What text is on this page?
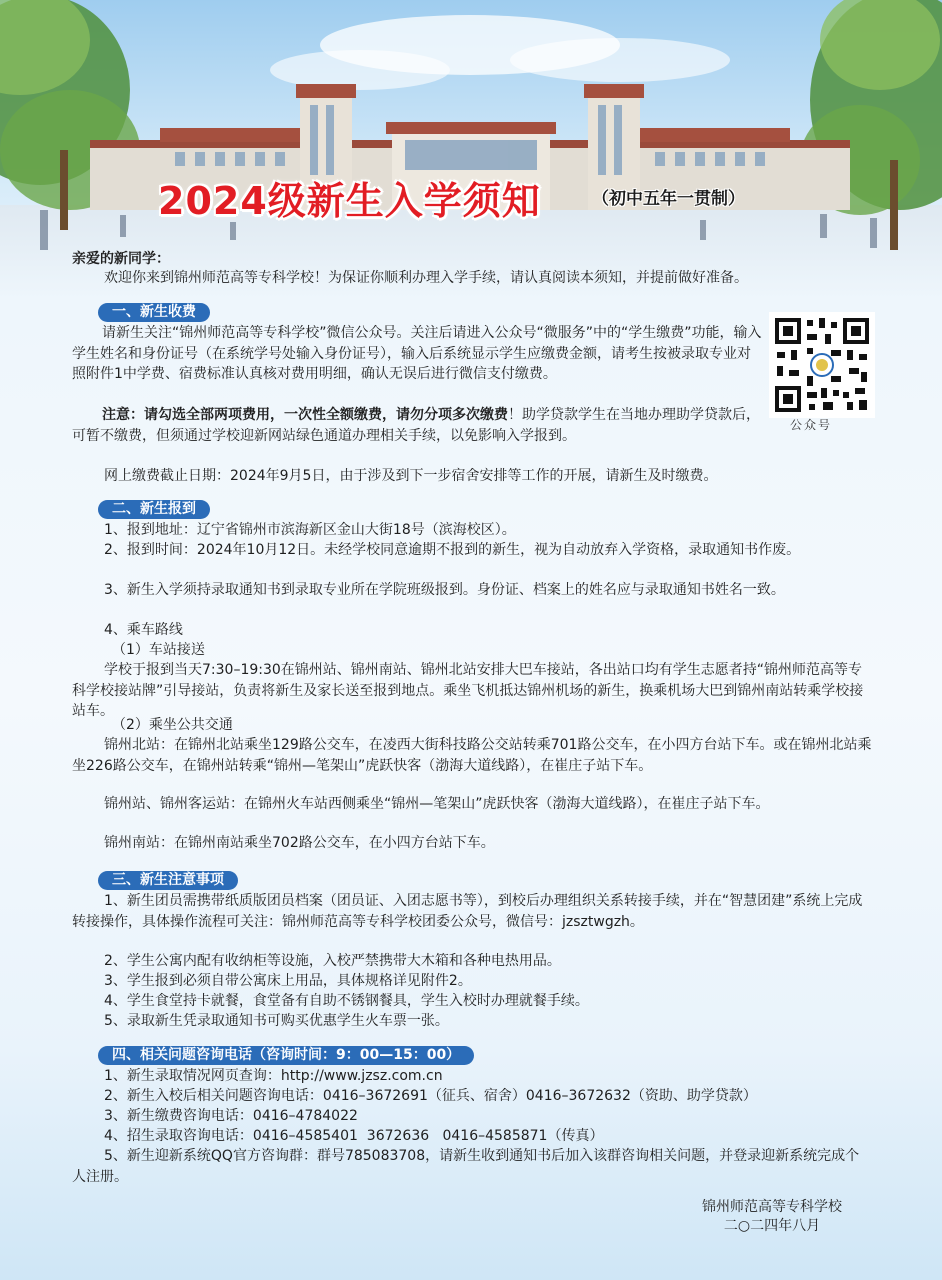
2024级新生入学须知	（初中五年一贯制）
亲爱的新同学：
欢迎你来到锦州师范高等专科学校！为保证你顺利办理入学手续，请认真阅读本须知，并提前做好准备。
一、新生收费
请新生关注“锦州师范高等专科学校”微信公众号。关注后请进入公众号“微服务”中的“学生缴费”功能，输入学生姓名和身份证号（在系统学号处输入身份证号），输入后系统显示学生应缴费金额，请考生按被录取专业对照附件1中学费、宿费标准认真核对费用明细，确认无误后进行微信支付缴费。
注意：请勾选全部两项费用，一次性全额缴费，请勿分项多次缴费！助学贷款学生在当地办理助学贷款后，可暂不缴费，但须通过学校迎新网站绿色通道办理相关手续，以免影响入学报到。
网上缴费截止日期：2024年9月5日，由于涉及到下一步宿舍安排等工作的开展，请新生及时缴费。
公众号
二、新生报到
1、报到地址：辽宁省锦州市滨海新区金山大街18号（滨海校区）。
2、报到时间：2024年10月12日。未经学校同意逾期不报到的新生，视为自动放弃入学资格，录取通知书作废。
3、新生入学须持录取通知书到录取专业所在学院班级报到。身份证、档案上的姓名应与录取通知书姓名一致。
4、乘车路线
（1）车站接送
学校于报到当天7:30–19:30在锦州站、锦州南站、锦州北站安排大巴车接站，各出站口均有学生志愿者持“锦州师范高等专科学校接站牌”引导接站，负责将新生及家长送至报到地点。乘坐飞机抵达锦州机场的新生，换乘机场大巴到锦州南站转乘学校接站车。
（2）乘坐公共交通
锦州北站：在锦州北站乘坐129路公交车，在凌西大街科技路公交站转乘701路公交车，在小四方台站下车。或在锦州北站乘坐226路公交车，在锦州站转乘“锦州—笔架山”虎跃快客（渤海大道线路），在崔庄子站下车。
锦州站、锦州客运站：在锦州火车站西侧乘坐“锦州—笔架山”虎跃快客（渤海大道线路），在崔庄子站下车。
锦州南站：在锦州南站乘坐702路公交车，在小四方台站下车。
三、新生注意事项
1、新生团员需携带纸质版团员档案（团员证、入团志愿书等），到校后办理组织关系转接手续，并在“智慧团建”系统上完成转接操作，具体操作流程可关注：锦州师范高等专科学校团委公众号，微信号：jzsztwgzh。
2、学生公寓内配有收纳柜等设施，入校严禁携带大木箱和各种电热用品。
3、学生报到必须自带公寓床上用品，具体规格详见附件2。
4、学生食堂持卡就餐，食堂备有自助不锈钢餐具，学生入校时办理就餐手续。
5、录取新生凭录取通知书可购买优惠学生火车票一张。
四、相关问题咨询电话（咨询时间：9：00—15：00）
1、新生录取情况网页查询：http://www.jzsz.com.cn
2、新生入校后相关问题咨询电话：0416–3672691（征兵、宿舍）0416–3672632（资助、助学贷款）
3、新生缴费咨询电话：0416–4784022
4、招生录取咨询电话：0416–4585401  3672636   0416–4585871（传真）
5、新生迎新系统QQ官方咨询群：群号785083708，请新生收到通知书后加入该群咨询相关问题，并登录迎新系统完成个人注册。
锦州师范高等专科学校
二○二四年八月
